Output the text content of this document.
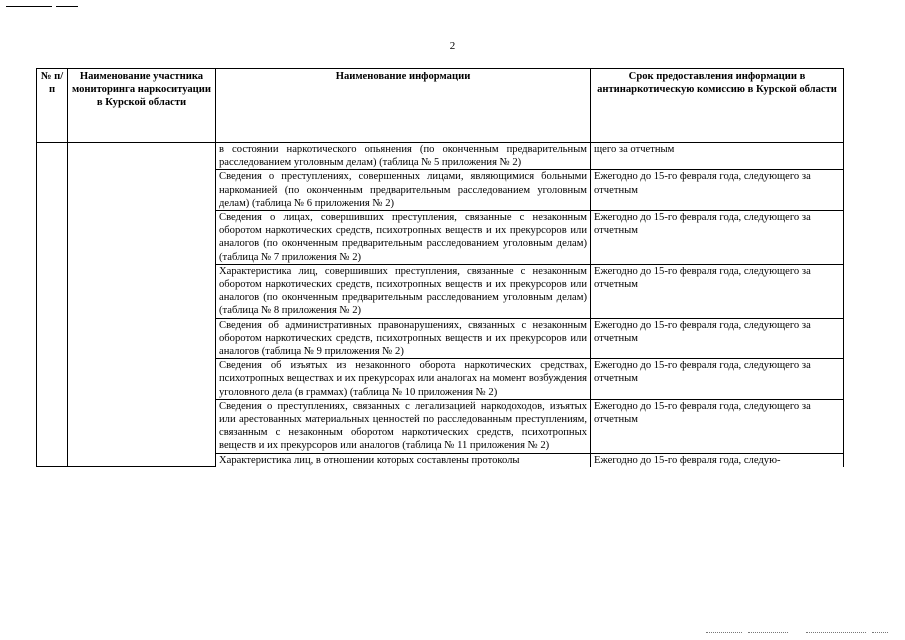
2
№ п/п	Наименование участника мониторинга наркоситуации в Курской области	Наименование информации	Срок предоставления информации в антинаркотическую комиссию в Курской области
		в состоянии наркотического опьянения (по оконченным предварительным расследованием уголовным делам) (таблица № 5 приложения № 2)	щего за отчетным
		Сведения о преступлениях, совершенных лицами, являющимися больными наркоманией (по оконченным предварительным расследованием уголовным делам) (таблица № 6 приложения № 2)	Ежегодно до 15-го февраля года, следующего за отчетным
		Сведения о лицах, совершивших преступления, связанные с незаконным оборотом наркотических средств, психотропных веществ и их прекурсоров или аналогов (по оконченным предварительным расследованием уголовным делам) (таблица № 7 приложения № 2)	Ежегодно до 15-го февраля года, следующего за отчетным
		Характеристика лиц, совершивших преступления, связанные с незаконным оборотом наркотических средств, психотропных веществ и их прекурсоров или аналогов (по оконченным предварительным расследованием уголовным делам) (таблица № 8 приложения № 2)	Ежегодно до 15-го февраля года, следующего за отчетным
		Сведения об административных правонарушениях, связанных с незаконным оборотом наркотических средств, психотропных веществ и их прекурсоров или аналогов (таблица № 9 приложения № 2)	Ежегодно до 15-го февраля года, следующего за отчетным
		Сведения об изъятых из незаконного оборота наркотических средствах, психотропных веществах и их прекурсорах или аналогах на момент возбуждения уголовного дела (в граммах) (таблица № 10 приложения № 2)	Ежегодно до 15-го февраля года, следующего за отчетным
		Сведения о преступлениях, связанных с легализацией наркодоходов, изъятых или арестованных материальных ценностей по расследованным преступлениям, связанным с незаконным оборотом наркотических средств, психотропных веществ и их прекурсоров или аналогов (таблица № 11 приложения № 2)	Ежегодно до 15-го февраля года, следующего за отчетным
		Характеристика лиц, в отношении которых составлены протоколы	Ежегодно до 15-го февраля года, следую-
